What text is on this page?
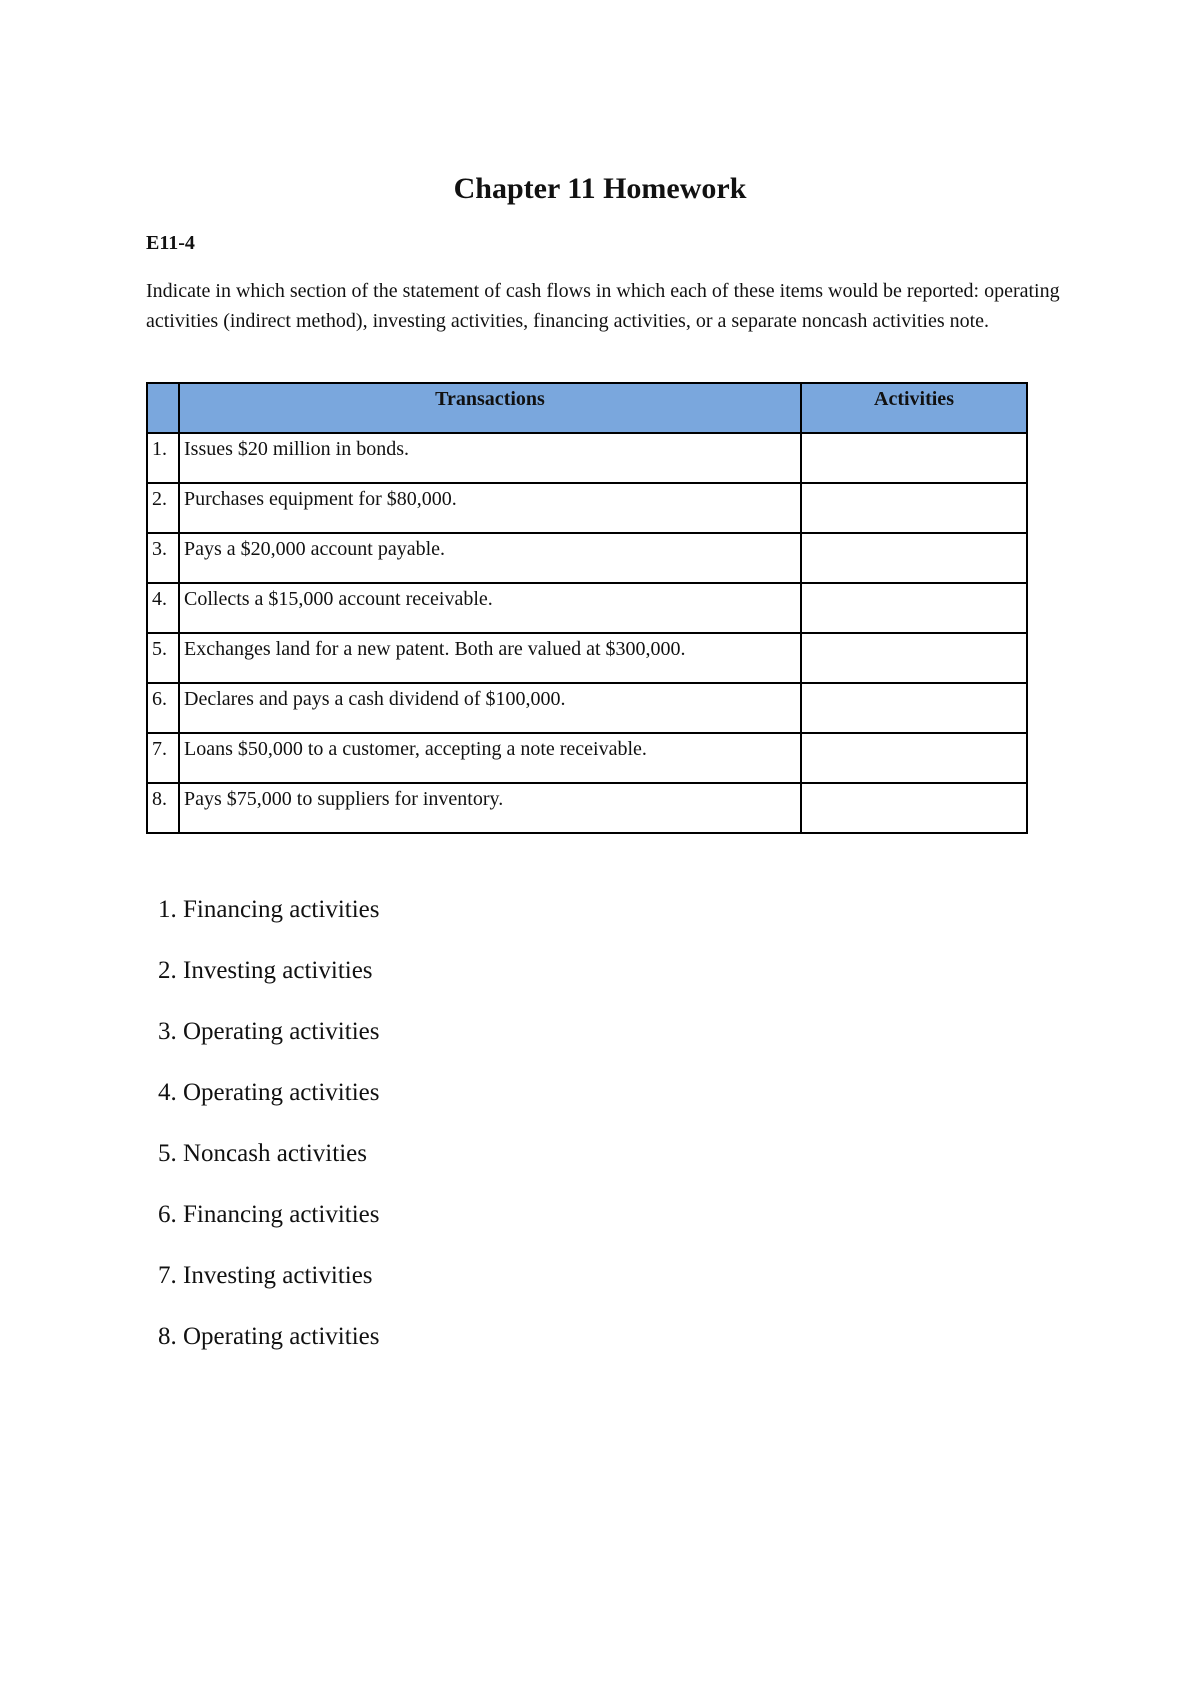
Chapter 11 Homework

E11-4

Indicate in which section of the statement of cash flows in which each of these items would be reported: operating activities (indirect method), investing activities, financing activities, or a separate noncash activities note.

	Transactions	Activities
1.	Issues $20 million in bonds.	
2.	Purchases equipment for $80,000.	
3.	Pays a $20,000 account payable.	
4.	Collects a $15,000 account receivable.	
5.	Exchanges land for a new patent. Both are valued at $300,000.	
6.	Declares and pays a cash dividend of $100,000.	
7.	Loans $50,000 to a customer, accepting a note receivable.	
8.	Pays $75,000 to suppliers for inventory.	
1. Financing activities
2. Investing activities
3. Operating activities
4. Operating activities
5. Noncash activities
6. Financing activities
7. Investing activities
8. Operating activities
